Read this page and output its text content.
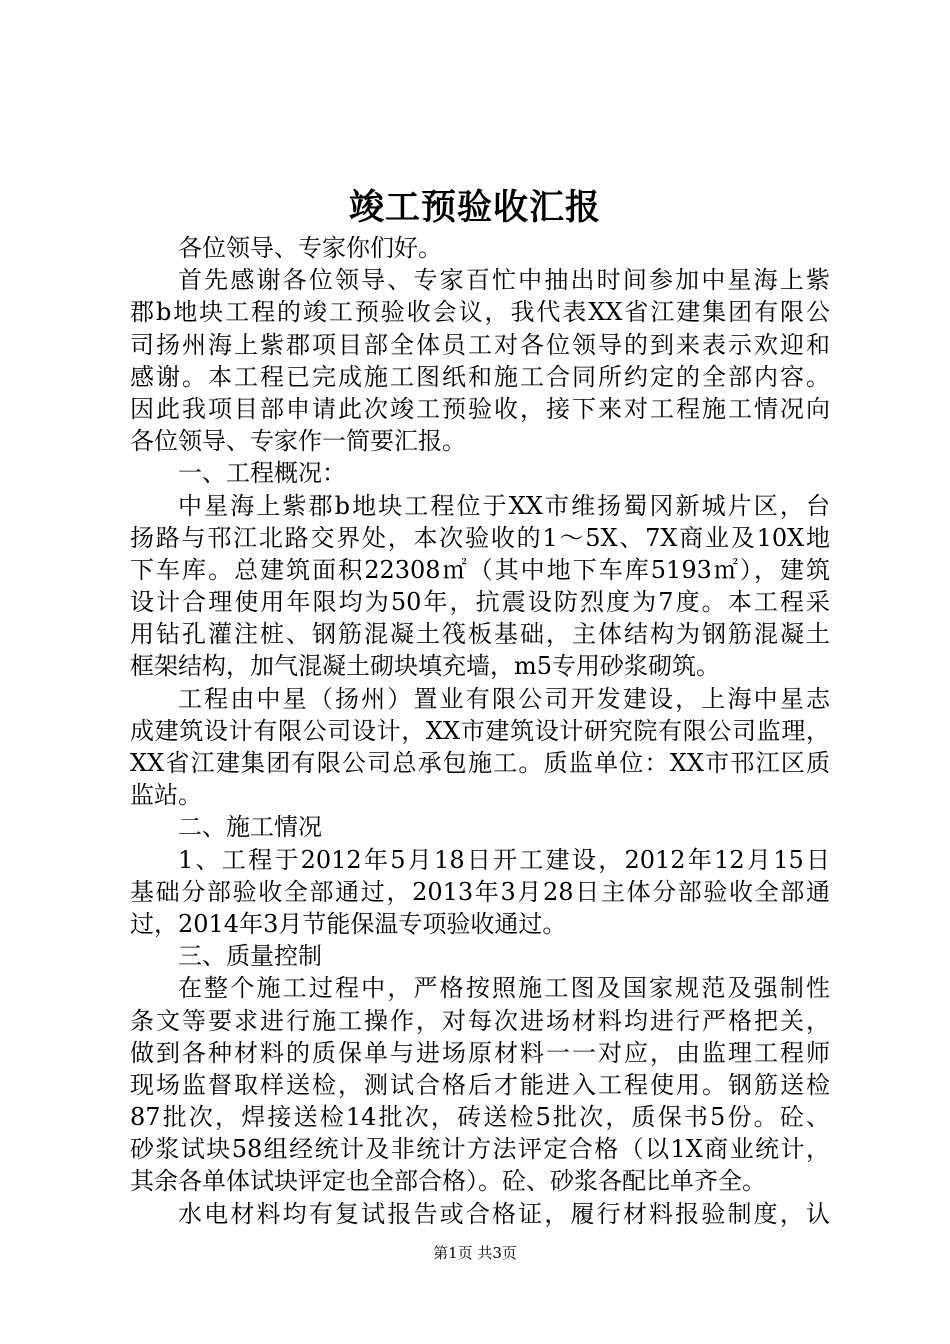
竣工预验收汇报
各位领导、专家你们好。
首先感谢各位领导、专家百忙中抽出时间参加中星海上紫
郡b地块工程的竣工预验收会议，我代表XX省江建集团有限公
司扬州海上紫郡项目部全体员工对各位领导的到来表示欢迎和
感谢。本工程已完成施工图纸和施工合同所约定的全部内容。
因此我项目部申请此次竣工预验收，接下来对工程施工情况向
各位领导、专家作一简要汇报。
一、工程概况：
中星海上紫郡b地块工程位于XX市维扬蜀冈新城片区，台
扬路与邗江北路交界处，本次验收的1～5X、7X商业及10X地
下车库。总建筑面积22308㎡（其中地下车库5193㎡），建筑
设计合理使用年限均为50年，抗震设防烈度为7度。本工程采
用钻孔灌注桩、钢筋混凝土筏板基础，主体结构为钢筋混凝土
框架结构，加气混凝土砌块填充墙，m5专用砂浆砌筑。
工程由中星（扬州）置业有限公司开发建设，上海中星志
成建筑设计有限公司设计，XX市建筑设计研究院有限公司监理，
XX省江建集团有限公司总承包施工。质监单位：XX市邗江区质
监站。
二、施工情况
1、工程于2012年5月18日开工建设，2012年12月15日
基础分部验收全部通过，2013年3月28日主体分部验收全部通
过，2014年3月节能保温专项验收通过。
三、质量控制
在整个施工过程中，严格按照施工图及国家规范及强制性
条文等要求进行施工操作，对每次进场材料均进行严格把关，
做到各种材料的质保单与进场原材料一一对应，由监理工程师
现场监督取样送检，测试合格后才能进入工程使用。钢筋送检
87批次，焊接送检14批次，砖送检5批次，质保书5份。砼、
砂浆试块58组经统计及非统计方法评定合格（以1X商业统计，
其余各单体试块评定也全部合格）。砼、砂浆各配比单齐全。
水电材料均有复试报告或合格证，履行材料报验制度，认
第1页 共3页
